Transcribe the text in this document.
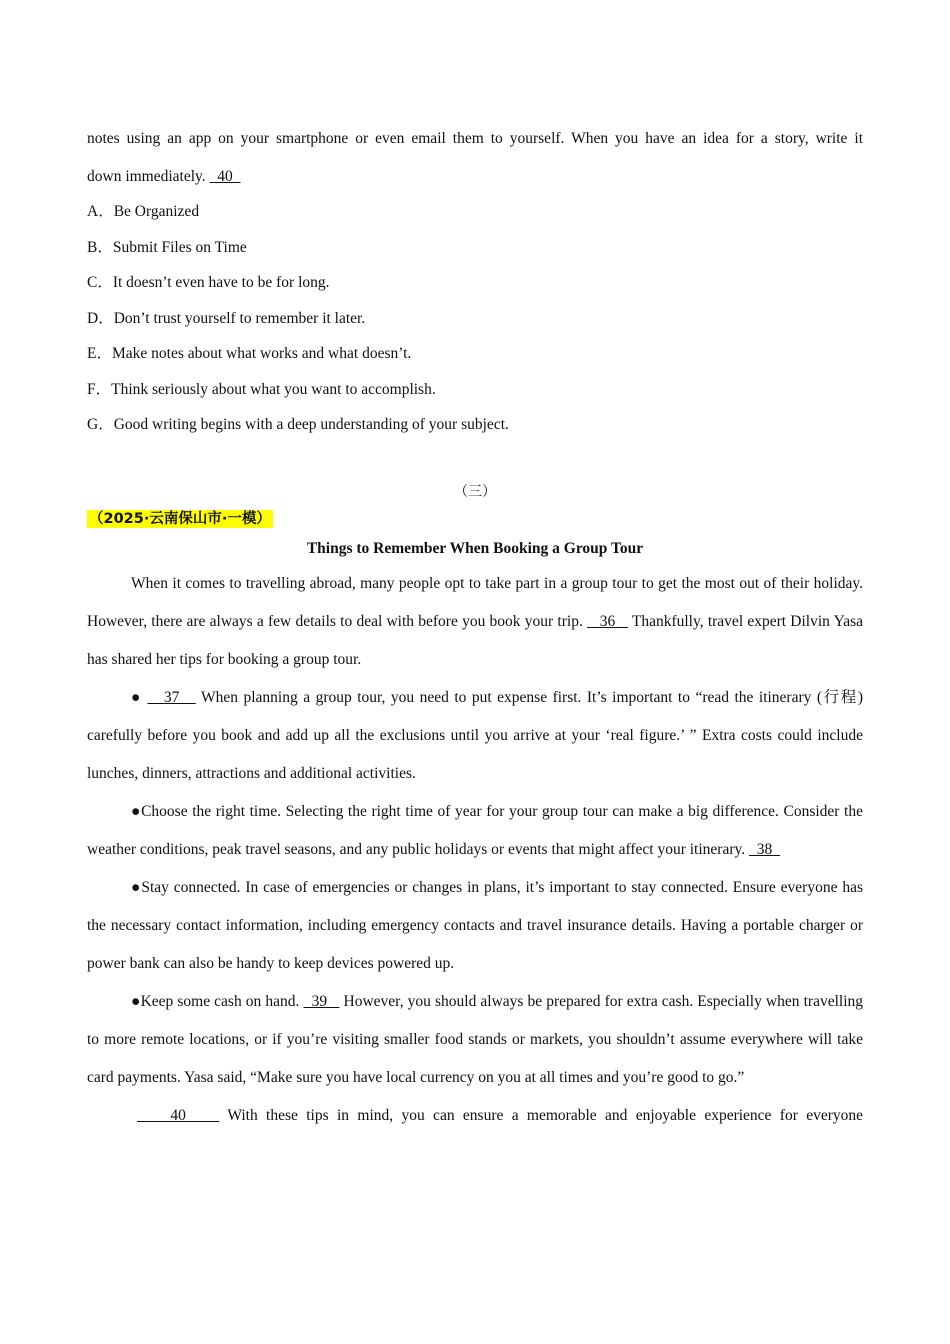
notes using an app on your smartphone or even email them to yourself. When you have an idea for a story, write it
down immediately.   40
A．Be Organized
B．Submit Files on Time
C．It doesn’t even have to be for long.
D．Don’t trust yourself to remember it later.
E．Make notes about what works and what doesn’t.
F．Think seriously about what you want to accomplish.
G．Good writing begins with a deep understanding of your subject.
（三）
（2025·云南保山市·一模）
Things to Remember When Booking a Group Tour
When it comes to travelling abroad, many people opt to take part in a group tour to get the most out of their holiday. However, there are always a few details to deal with before you book your trip.    36    Thankfully, travel expert Dilvin Yasa has shared her tips for booking a group tour.
●    37    When planning a group tour, you need to put expense first. It’s important to “read the itinerary (行程) carefully before you book and add up all the exclusions until you arrive at your ‘real figure.’ ” Extra costs could include lunches, dinners, attractions and additional activities.
●Choose the right time. Selecting the right time of year for your group tour can make a big difference. Consider the weather conditions, peak travel seasons, and any public holidays or events that might affect your itinerary.   38
●Stay connected. In case of emergencies or changes in plans, it’s important to stay connected. Ensure everyone has the necessary contact information, including emergency contacts and travel insurance details. Having a portable charger or power bank can also be handy to keep devices powered up.
●Keep some cash on hand.   39    However, you should always be prepared for extra cash. Especially when travelling to more remote locations, or if you’re visiting smaller food stands or markets, you shouldn’t assume everywhere will take card payments. Yasa said, “Make sure you have local currency on you at all times and you’re good to go.”
40     With these tips in mind, you can ensure a memorable and enjoyable experience for everyone
